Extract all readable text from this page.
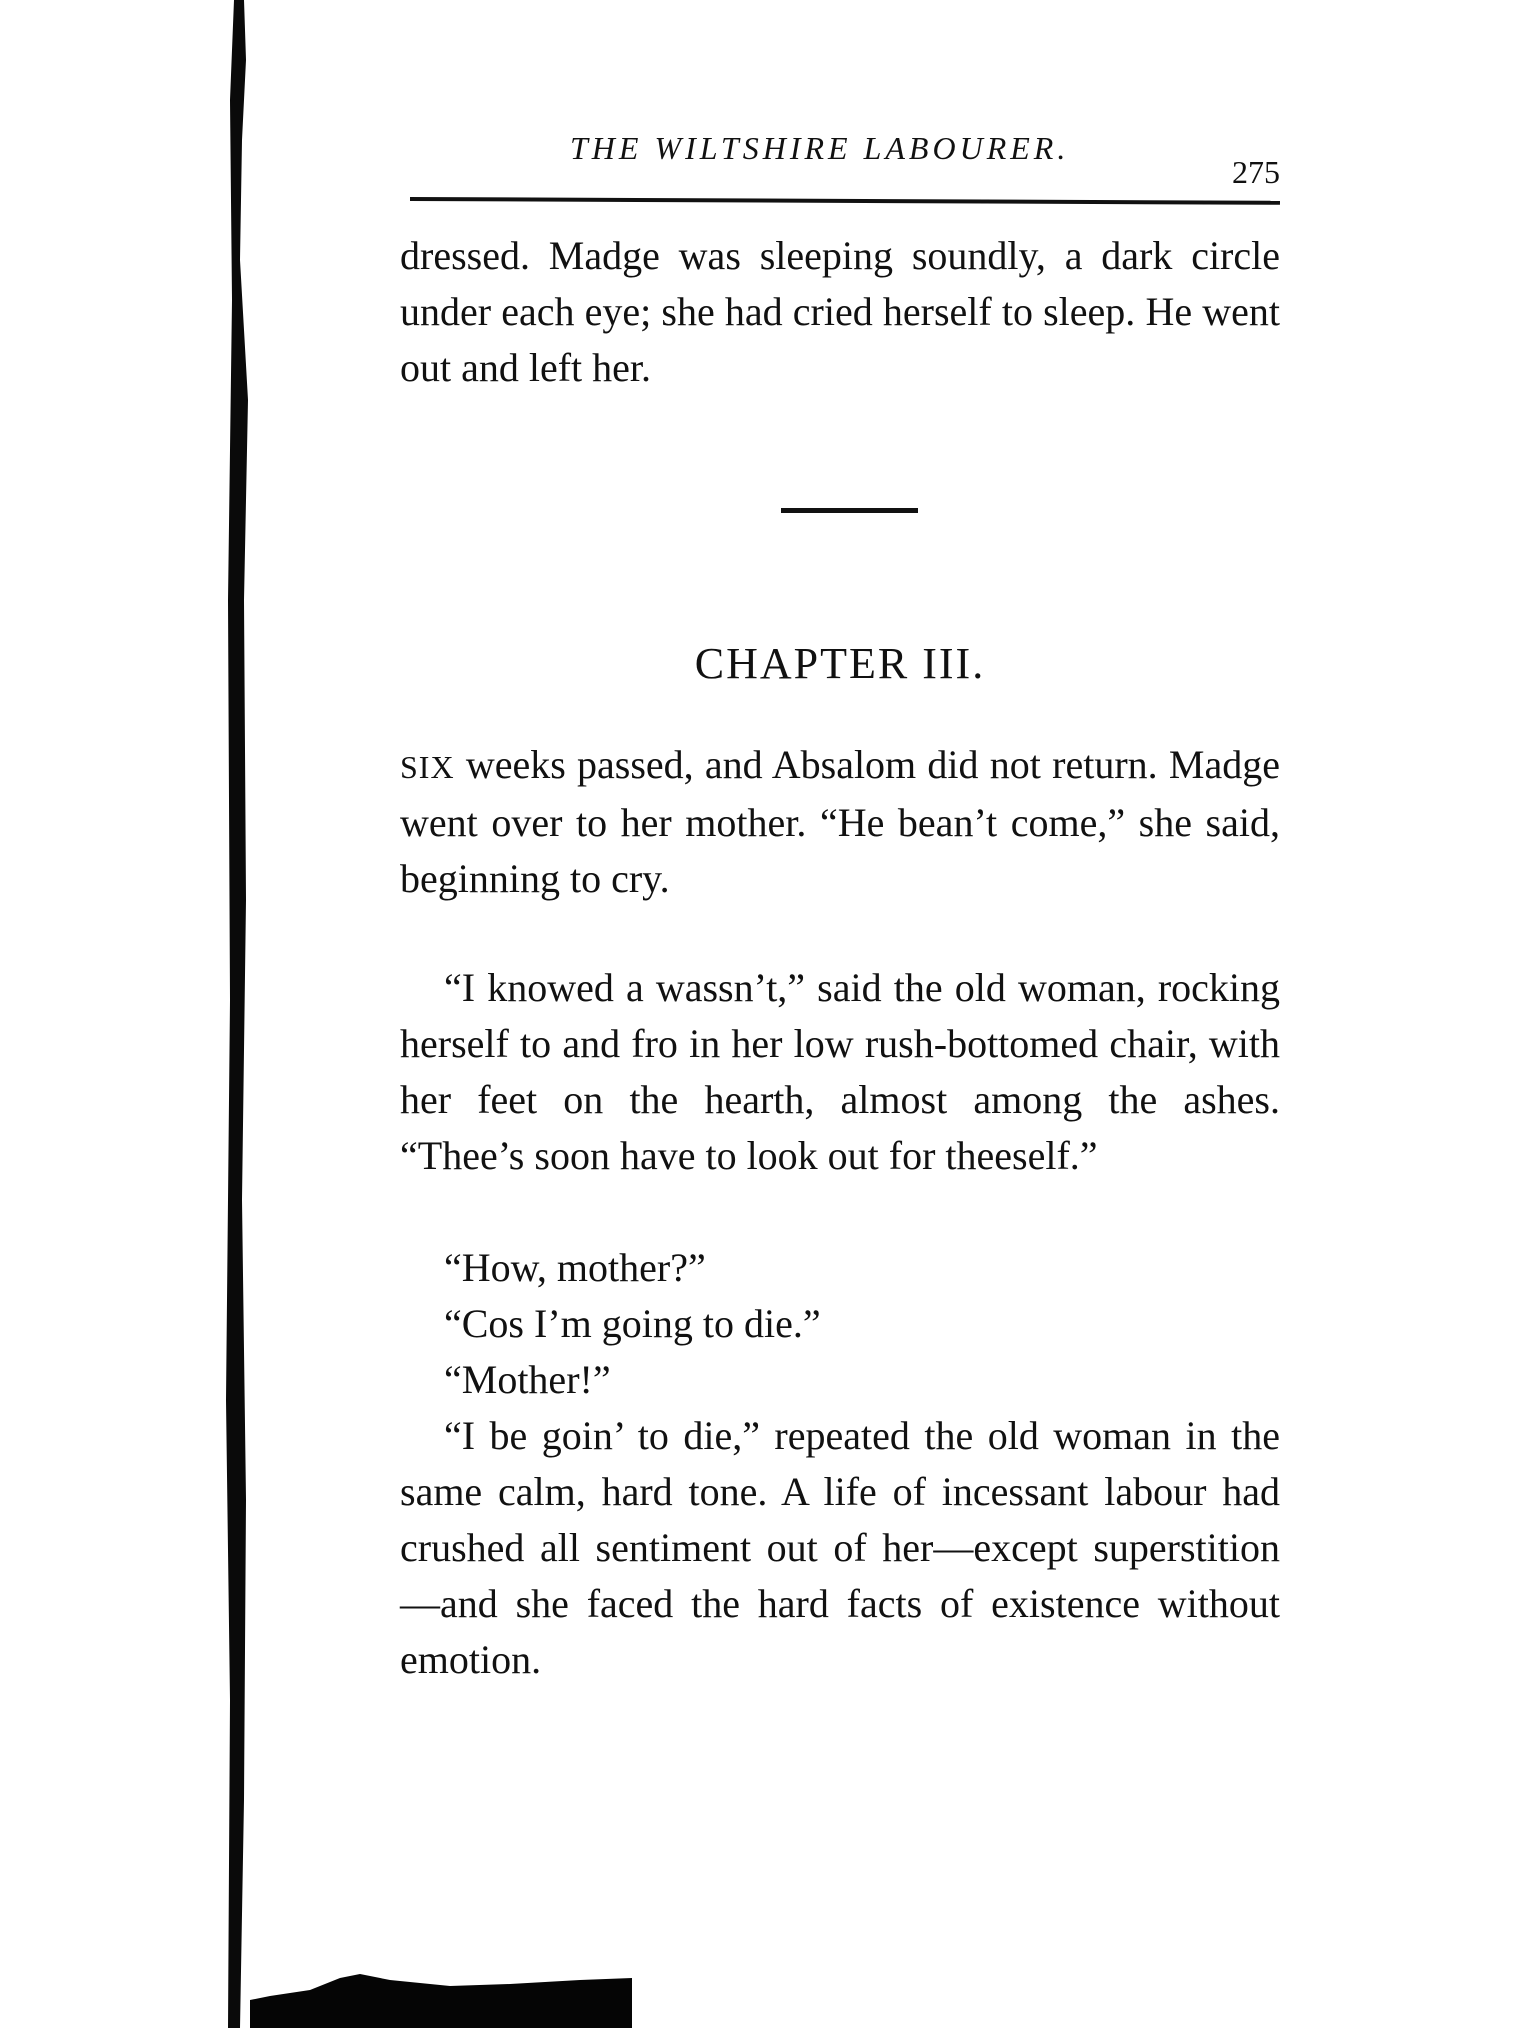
THE WILTSHIRE LABOURER.
275

dressed. Madge was sleeping soundly, a dark circle under each eye; she had cried herself to sleep. He went out and left her.

CHAPTER III.

SIX weeks passed, and Absalom did not return. Madge went over to her mother. “He bean’t come,” she said, beginning to cry.

“I knowed a wassn’t,” said the old woman, rocking herself to and fro in her low rush-bottomed chair, with her feet on the hearth, almost among the ashes. “Thee’s soon have to look out for theeself.”

“How, mother?”

“Cos I’m going to die.”

“Mother!”

“I be goin’ to die,” repeated the old woman in the same calm, hard tone. A life of incessant labour had crushed all sentiment out of her—except superstition—and she faced the hard facts of existence without emotion.
